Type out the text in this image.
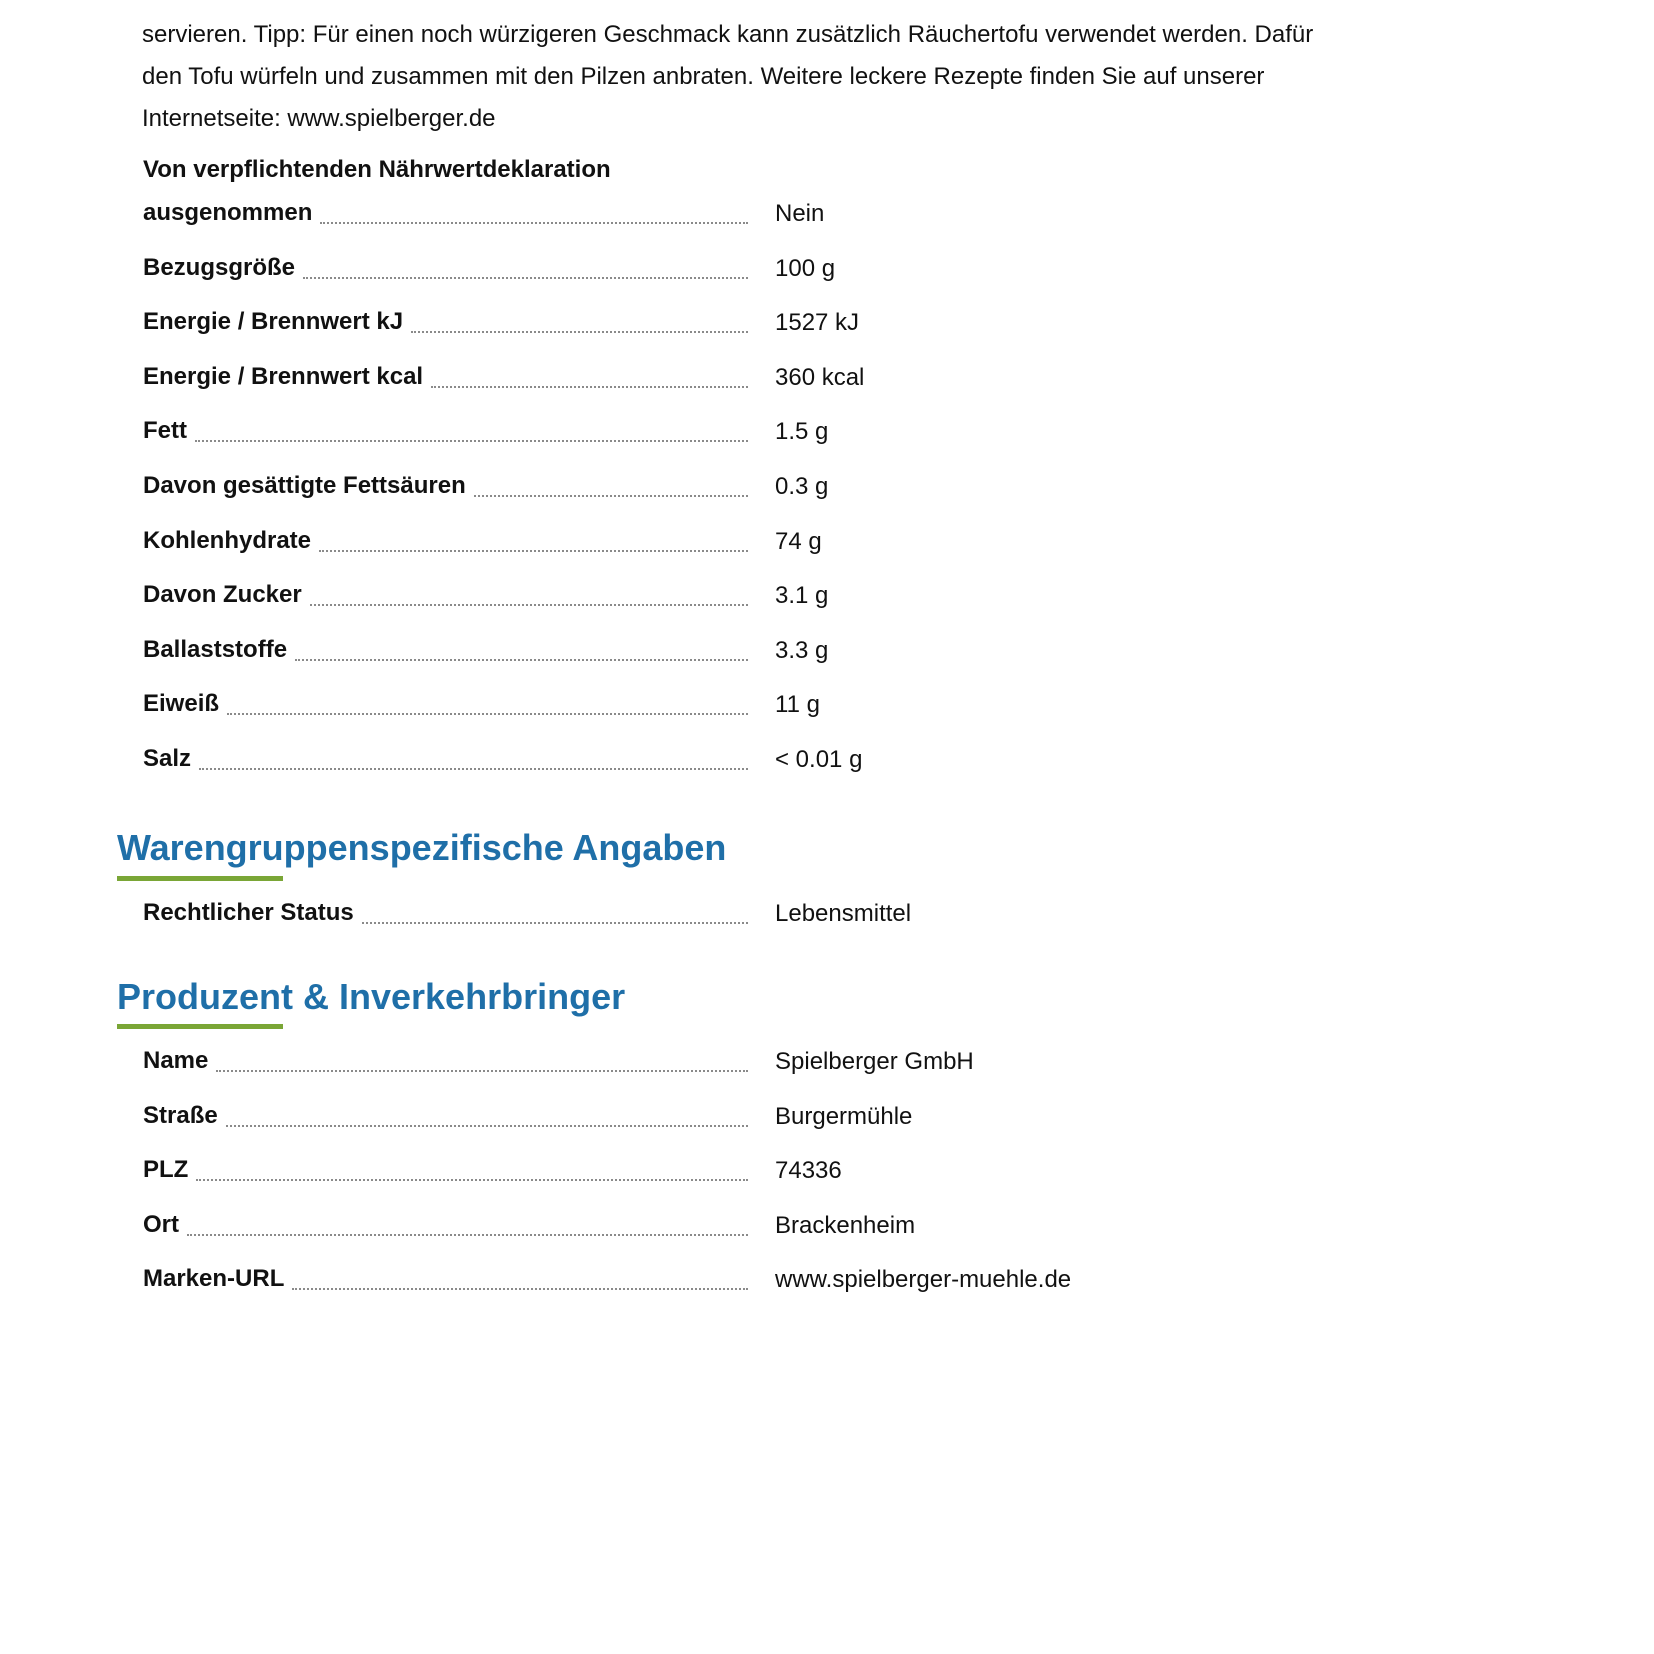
servieren. Tipp: Für einen noch würzigeren Geschmack kann zusätzlich Räuchertofu verwendet werden. Dafür

den Tofu würfeln und zusammen mit den Pilzen anbraten. Weitere leckere Rezepte finden Sie auf unserer

Internetseite: www.spielberger.de

Von verpflichtenden Nährwertdeklaration
ausgenommen	Nein
Bezugsgröße	100 g
Energie / Brennwert kJ	1527 kJ
Energie / Brennwert kcal	360 kcal
Fett	1.5 g
Davon gesättigte Fettsäuren	0.3 g
Kohlenhydrate	74 g
Davon Zucker	3.1 g
Ballaststoffe	3.3 g
Eiweiß	11 g
Salz	< 0.01 g
Warengruppenspezifische Angaben
Rechtlicher Status	Lebensmittel
Produzent & Inverkehrbringer
Name	Spielberger GmbH
Straße	Burgermühle
PLZ	74336
Ort	Brackenheim
Marken-URL	www.spielberger-muehle.de
